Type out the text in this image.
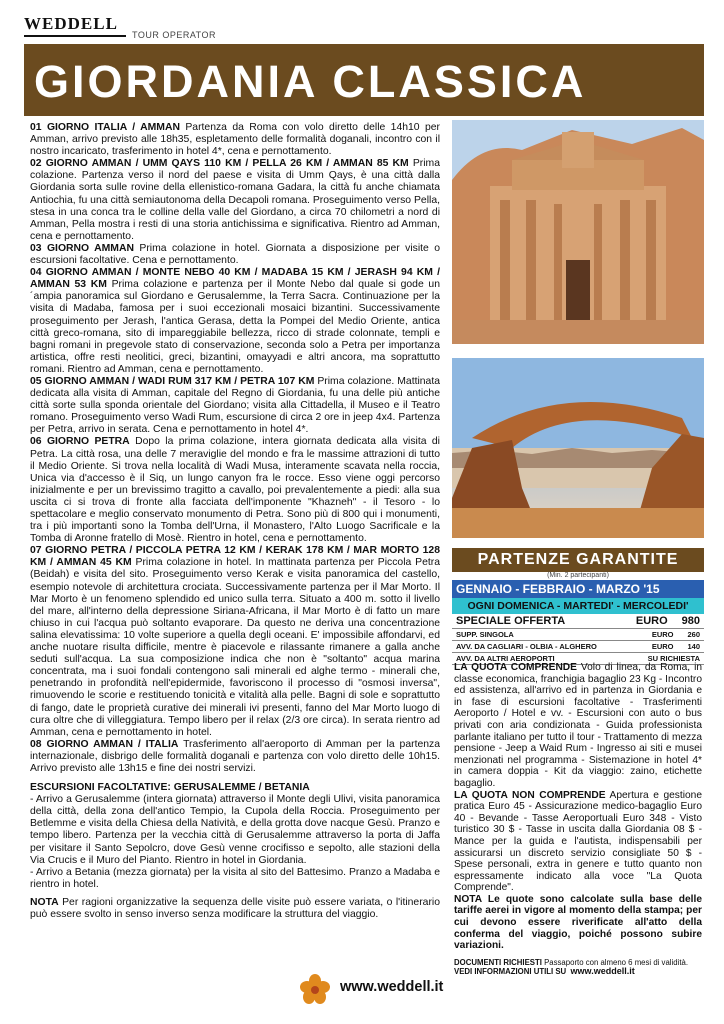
WEDDELL
TOUR OPERATOR
GIORDANIA CLASSICA
01 GIORNO ITALIA / AMMAN Partenza da Roma con volo diretto delle 14h10 per Amman, arrivo previsto alle 18h35, espletamento delle formalità doganali, incontro con il nostro incaricato, trasferimento in hotel 4*, cena e pernottamento.
02 GIORNO AMMAN / UMM QAYS 110 KM / PELLA 26 KM / AMMAN 85 KM Prima colazione. Partenza verso il nord del paese e visita di Umm Qays, è una città dalla Giordania sorta sulle rovine della ellenistico-romana Gadara, la città fu anche chiamata Antiochia, fu una città semiautonoma della Decapoli romana. Proseguimento verso Pella, stesa in una conca tra le colline della valle del Giordano, a circa 70 chilometri a nord di Amman, Pella mostra i resti di una storia antichissima e significativa. Rientro ad Amman, cena e pernottamento.
03 GIORNO AMMAN Prima colazione in hotel. Giornata a disposizione per visite o escursioni facoltative. Cena e pernottamento.
04 GIORNO AMMAN / MONTE NEBO 40 KM / MADABA 15 KM / JERASH 94 KM / AMMAN 53 KM Prima colazione e partenza per il Monte Nebo dal quale si gode un´ampia panoramica sul Giordano e Gerusalemme, la Terra Sacra. Continuazione per la visita di Madaba, famosa per i suoi eccezionali mosaici bizantini. Successivamente proseguimento per Jerash, l'antica Gerasa, detta la Pompei del Medio Oriente, antica città greco-romana, sito di impareggiabile bellezza, ricco di strade colonnate, templi e bagni romani in pregevole stato di conservazione, seconda solo a Petra per importanza artistica, offre resti neolitici, greci, bizantini, omayyadi e altri ancora, ma soprattutto romani. Rientro ad Amman, cena e pernottamento.
05 GIORNO AMMAN / WADI RUM 317 KM / PETRA 107 KM Prima colazione. Mattinata dedicata alla visita di Amman, capitale del Regno di Giordania, fu una delle più antiche città sorte sulla sponda orientale del Giordano; visita alla Cittadella, il Museo e il Teatro romano. Proseguimento verso Wadi Rum, escursione di circa 2 ore in jeep 4x4. Partenza per Petra, arrivo in serata. Cena e pernottamento in hotel 4*.
06 GIORNO PETRA Dopo la prima colazione, intera giornata dedicata alla visita di Petra. La città rosa, una delle 7 meraviglie del mondo e fra le massime attrazioni di tutto il Medio Oriente. Si trova nella località di Wadi Musa, interamente scavata nella roccia, Unica via d'accesso è il Siq, un lungo canyon fra le rocce. Esso viene oggi percorso inizialmente e per un brevissimo tragitto a cavallo, poi prevalentemente a piedi: alla sua uscita ci si trova di fronte alla facciata dell'imponente "Khazneh" - il Tesoro - lo spettacolare e meglio conservato monumento di Petra. Sono più di 800 qui i monumenti, tra i più importanti sono la Tomba dell'Urna, il Monastero, l'Alto Luogo Sacrificale e la Tomba di Aronne fratello di Mosè. Rientro in hotel, cena e pernottamento.
07 GIORNO PETRA / PICCOLA PETRA 12 KM / KERAK 178 KM / MAR MORTO 128 KM / AMMAN 45 KM Prima colazione in hotel. In mattinata partenza per Piccola Petra (Beidah) e visita del sito. Proseguimento verso Kerak e visita panoramica del castello, esempio notevole di architettura crociata. Successivamente partenza per il Mar Morto. Il Mar Morto è un fenomeno splendido ed unico sulla terra. Situato a 400 m. sotto il livello del mare, all'interno della depressione Siriana-Africana, il Mar Morto è di fatto un mare chiuso in cui l'acqua può soltanto evaporare. Da questo ne deriva una concentrazione salina elevatissima: 10 volte superiore a quella degli oceani. E' impossibile affondarvi, ed anche nuotare risulta difficile, mentre è piacevole e rilassante rimanere a galla anche seduti sull'acqua. La sua composizione indica che non è "soltanto" acqua marina concentrata, ma i suoi fondali contengono sali minerali ed alghe termo - minerali che, penetrando in profondità nell'epidermide, favoriscono il processo di "osmosi inversa", rimuovendo le scorie e restituendo tonicità e vitalità alla pelle. Bagni di sole e soprattutto di fango, date le proprietà curative dei minerali ivi presenti, fanno del Mar Morto luogo di cura oltre che di villeggiatura. Tempo libero per il relax (2/3 ore circa). In serata rientro ad Amman, cena e pernottamento in hotel.
08 GIORNO AMMAN / ITALIA Trasferimento all'aeroporto di Amman per la partenza internazionale, disbrigo delle formalità doganali e partenza con volo diretto delle 10h15. Arrivo previsto alle 13h15 e fine dei nostri servizi.
ESCURSIONI FACOLTATIVE: GERUSALEMME / BETANIA
- Arrivo a Gerusalemme (intera giornata) attraverso il Monte degli Ulivi, visita panoramica della città, della zona dell'antico Tempio, la Cupola della Roccia. Proseguimento per Betlemme e visita della Chiesa della Natività, e della grotta dove nacque Gesù. Pranzo e tempo libero. Partenza per la vecchia città di Gerusalemme attraverso la porta di Jaffa per visitare il Santo Sepolcro, dove Gesù venne crocifisso e sepolto, alle stazioni della Via Crucis e il Muro del Pianto. Rientro in hotel in Giordania.
- Arrivo a Betania (mezza giornata) per la visita al sito del Battesimo. Pranzo a Madaba e rientro in hotel.
NOTA Per ragioni organizzative la sequenza delle visite può essere variata, o l'itinerario può essere svolto in senso inverso senza modificare la struttura del viaggio.
PARTENZE GARANTITE
(Min. 2 partecipanti)
GENNAIO - FEBBRAIO - MARZO '15
OGNI DOMENICA - MARTEDI' - MERCOLEDI'
SPECIALE OFFERTA	EURO 980
SUPP. SINGOLA	EURO 260
AVV. DA CAGLIARI - OLBIA - ALGHERO	EURO 140
AVV. DA ALTRI AEROPORTI	SU RICHIESTA
LA QUOTA COMPRENDE Volo di linea, da Roma, in classe economica, franchigia bagaglio 23 Kg - Incontro ed assistenza, all'arrivo ed in partenza in Giordania e in fase di escursioni facoltative - Trasferimenti Aeroporto / Hotel e vv. - Escursioni con auto o bus privati con aria condizionata - Guida professionista parlante italiano per tutto il tour - Trattamento di mezza pensione - Jeep a Waid Rum - Ingresso ai siti e musei menzionati nel programma - Sistemazione in hotel 4* in camera doppia - Kit da viaggio: zaino, etichette bagaglio.
LA QUOTA NON COMPRENDE Apertura e gestione pratica Euro 45 - Assicurazione medico-bagaglio Euro 40 - Bevande - Tasse Aeroportuali Euro 348 - Visto turistico 30 $ - Tasse in uscita dalla Giordania 08 $ - Mance per la guida e l'autista, indispensabili per assicurarsi un discreto servizio consigliate 50 $ - Spese personali, extra in genere e tutto quanto non espressamente indicato alla voce "La Quota Comprende".
NOTA Le quote sono calcolate sulla base delle tariffe aerei in vigore al momento della stampa; per cui devono essere riverificate all'atto della conferma del viaggio, poiché possono subire variazioni.
DOCUMENTI RICHIESTI Passaporto con almeno 6 mesi di validità.
VEDI INFORMAZIONI UTILI SU www.weddell.it
www.weddell.it
